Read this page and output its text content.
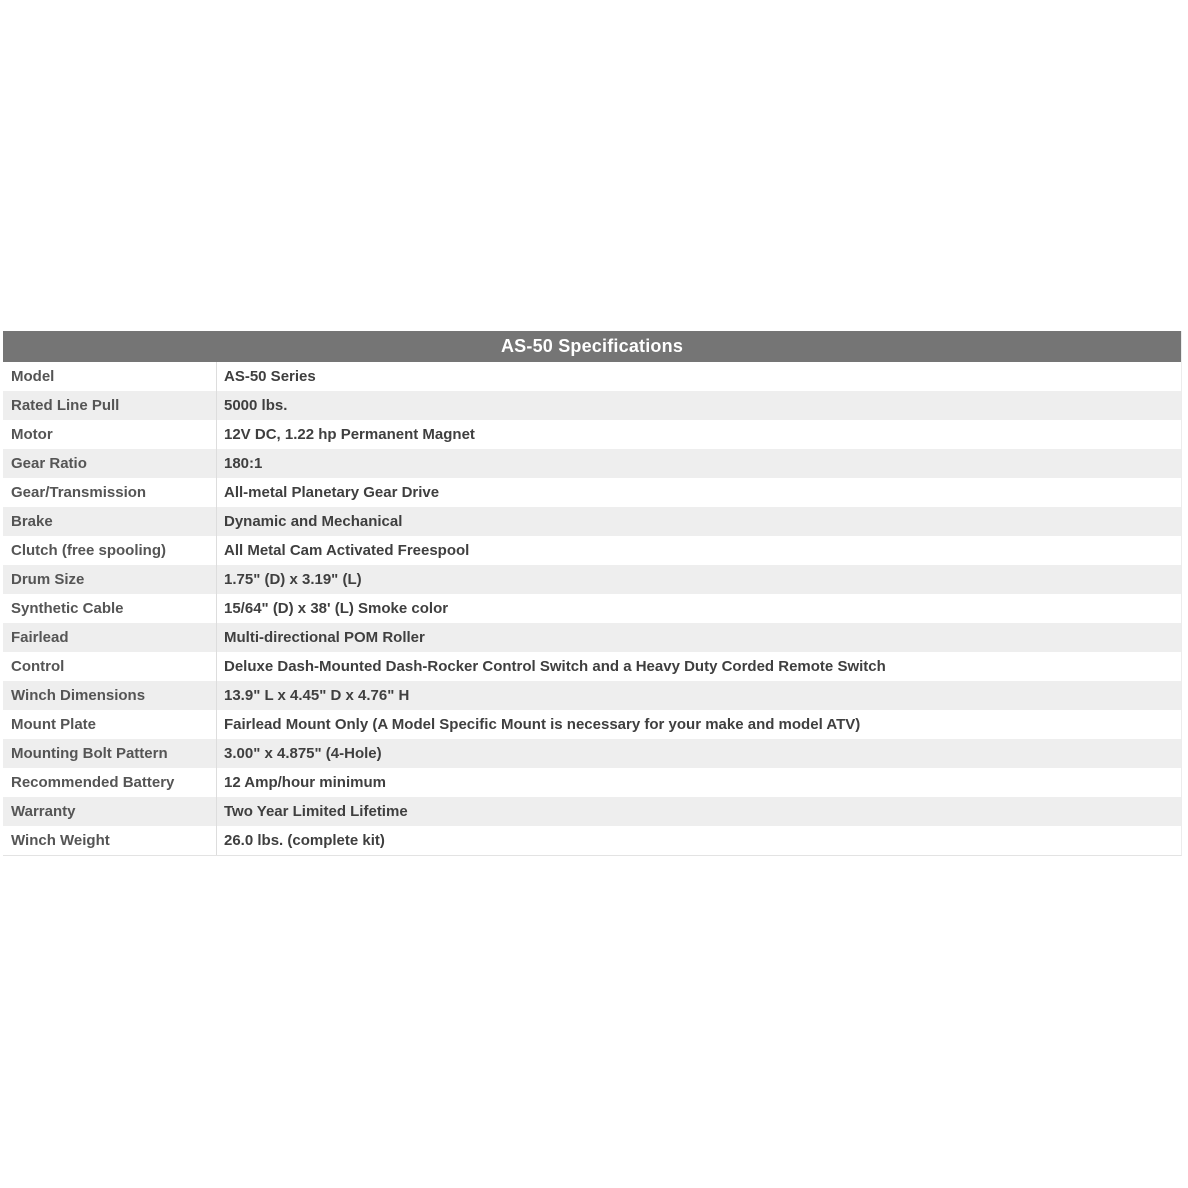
AS-50 Specifications
Model	AS-50 Series
Rated Line Pull	5000 lbs.
Motor	12V DC, 1.22 hp Permanent Magnet
Gear Ratio	180:1
Gear/Transmission	All-metal Planetary Gear Drive
Brake	Dynamic and Mechanical
Clutch (free spooling)	All Metal Cam Activated Freespool
Drum Size	1.75" (D) x 3.19" (L)
Synthetic Cable	15/64" (D) x 38' (L) Smoke color
Fairlead	Multi-directional POM Roller
Control	Deluxe Dash-Mounted Dash-Rocker Control Switch and a Heavy Duty Corded Remote Switch
Winch Dimensions	13.9" L x 4.45" D x 4.76" H
Mount Plate	Fairlead Mount Only (A Model Specific Mount is necessary for your make and model ATV)
Mounting Bolt Pattern	3.00" x 4.875" (4-Hole)
Recommended Battery	12 Amp/hour minimum
Warranty	Two Year Limited Lifetime
Winch Weight	26.0 lbs. (complete kit)
